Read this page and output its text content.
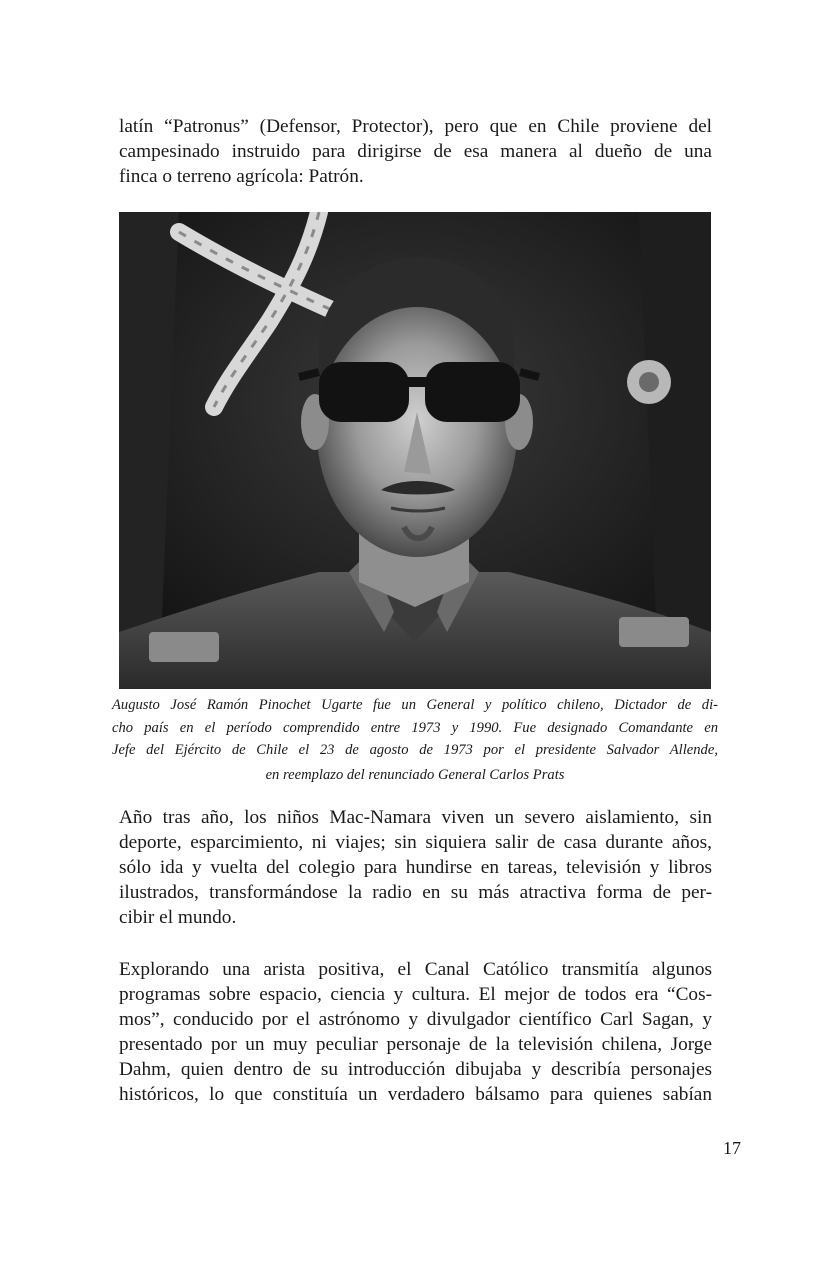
latín “Patronus” (Defensor, Protector), pero que en Chile proviene del
campesinado instruido para dirigirse de esa manera al dueño de una
finca o terreno agrícola: Patrón.

Augusto José Ramón Pinochet Ugarte fue un General y político chileno, Dictador de di-
cho país en el período comprendido entre 1973 y 1990. Fue designado Comandante en
Jefe del Ejército de Chile el 23 de agosto de 1973 por el presidente Salvador Allende,
en reemplazo del renunciado General Carlos Prats

Año tras año, los niños Mac-Namara viven un severo aislamiento, sin
deporte, esparcimiento, ni viajes; sin siquiera salir de casa durante años,
sólo ida y vuelta del colegio para hundirse en tareas, televisión y libros
ilustrados, transformándose la radio en su más atractiva forma de per-
cibir el mundo.

Explorando una arista positiva, el Canal Católico transmitía algunos
programas sobre espacio, ciencia y cultura. El mejor de todos era “Cos-
mos”, conducido por el astrónomo y divulgador científico Carl Sagan, y
presentado por un muy peculiar personaje de la televisión chilena, Jorge
Dahm, quien dentro de su introducción dibujaba y describía personajes
históricos, lo que constituía un verdadero bálsamo para quienes sabían

17
